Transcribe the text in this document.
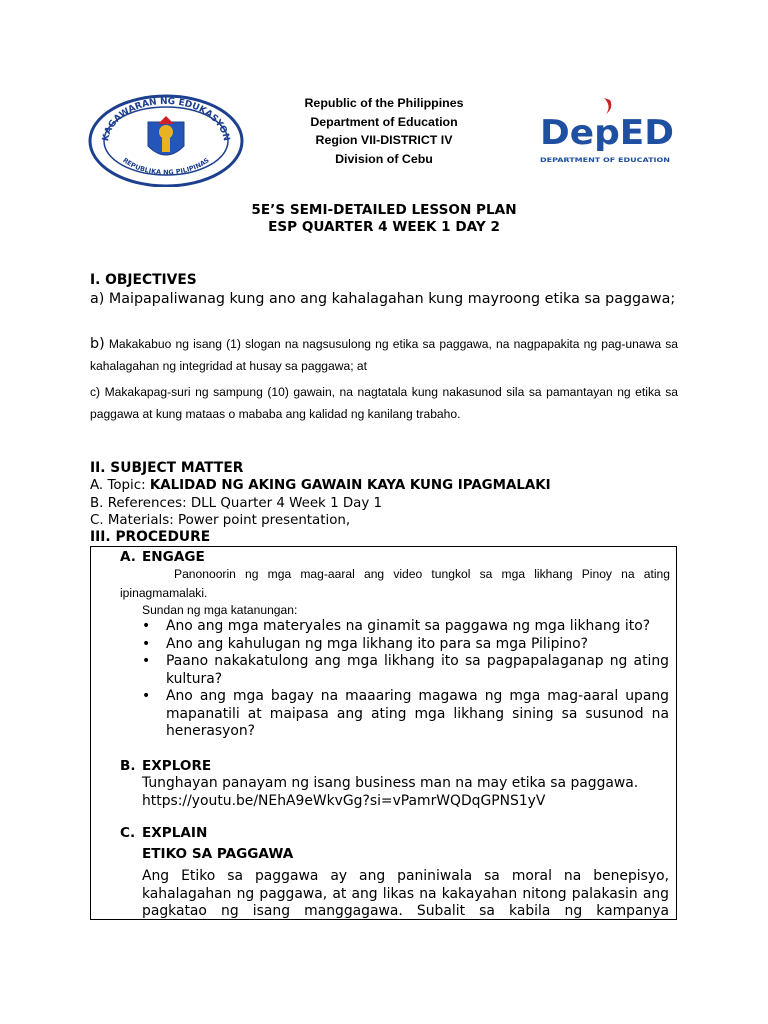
KAGAWARAN NG EDUKASYON
REPUBLIKA NG PILIPINAS
DepED
DEPARTMENT OF EDUCATION
Republic of the Philippines
Department of Education
Region VII-DISTRICT IV
Division of Cebu
5E’S SEMI-DETAILED LESSON PLAN
ESP QUARTER 4 WEEK 1 DAY 2
I. OBJECTIVES
a) Maipapaliwanag kung ano ang kahalagahan kung mayroong etika sa paggawa;
b) Makakabuo ng isang (1) slogan na nagsusulong ng etika sa paggawa, na nagpapakita ng pag-unawa sa kahalagahan ng integridad at husay sa paggawa; at
c) Makakapag-suri ng sampung (10) gawain, na nagtatala kung nakasunod sila sa pamantayan ng etika sa paggawa at kung mataas o mababa ang kalidad ng kanilang trabaho.
II. SUBJECT MATTER
A. Topic: KALIDAD NG AKING GAWAIN KAYA KUNG IPAGMALAKI
B. References: DLL Quarter 4 Week 1 Day 1
C. Materials: Power point presentation,
III. PROCEDURE
A. ENGAGE
Panonoorin ng mga mag-aaral ang video tungkol sa mga likhang Pinoy na ating ipinagmamalaki.
Sundan ng mga katanungan:
• Ano ang mga materyales na ginamit sa paggawa ng mga likhang ito?
• Ano ang kahulugan ng mga likhang ito para sa mga Pilipino?
• Paano nakakatulong ang mga likhang ito sa pagpapalaganap ng ating kultura?
• Ano ang mga bagay na maaaring magawa ng mga mag-aaral upang mapanatili at maipasa ang ating mga likhang sining sa susunod na henerasyon?
B. EXPLORE
Tunghayan panayam ng isang business man na may etika sa paggawa.
https://youtu.be/NEhA9eWkvGg?si=vPamrWQDqGPNS1yV
C. EXPLAIN
ETIKO SA PAGGAWA
Ang Etiko sa paggawa ay ang paniniwala sa moral na benepisyo, kahalagahan ng paggawa, at ang likas na kakayahan nitong palakasin ang pagkatao ng isang manggagawa. Subalit sa kabila ng kampanya
